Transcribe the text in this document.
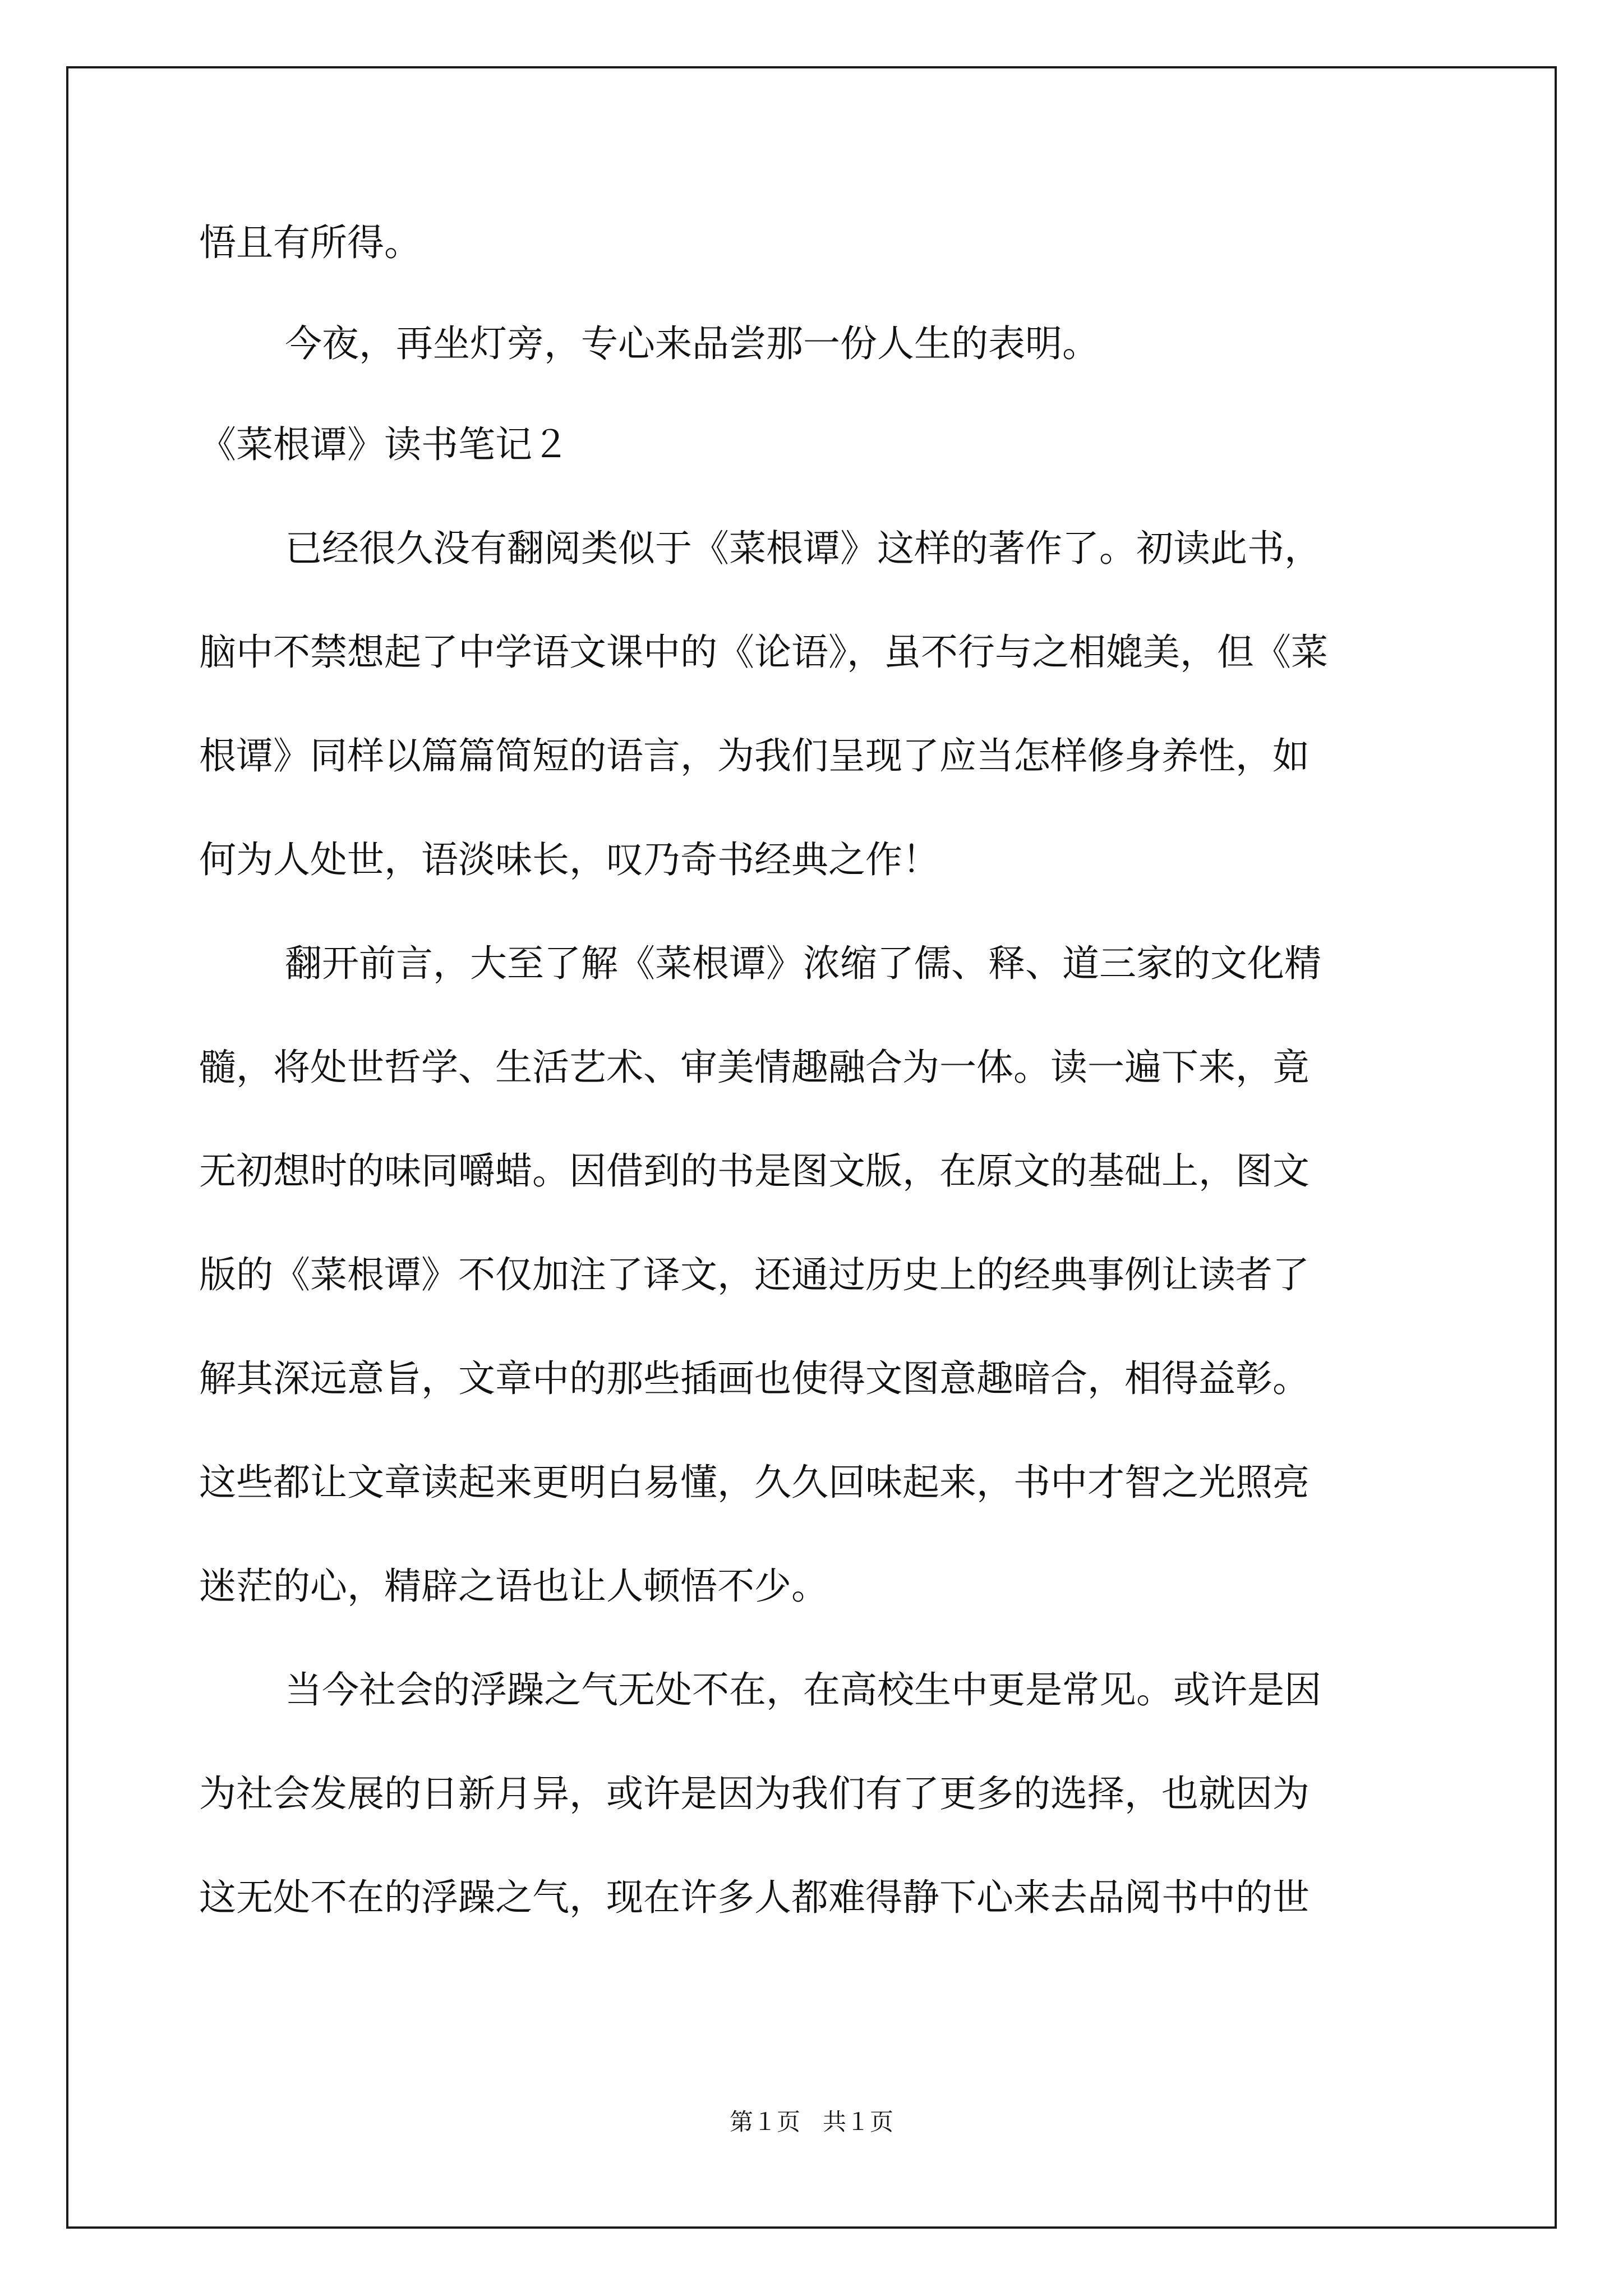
悟且有所得。
今夜，再坐灯旁，专心来品尝那一份人生的表明。
《菜根谭》读书笔记２
已经很久没有翻阅类似于《菜根谭》这样的著作了。初读此书，
脑中不禁想起了中学语文课中的《论语》，虽不行与之相媲美，但《菜
根谭》同样以篇篇简短的语言，为我们呈现了应当怎样修身养性，如
何为人处世，语淡味长，叹乃奇书经典之作！
翻开前言，大至了解《菜根谭》浓缩了儒、释、道三家的文化精
髓，将处世哲学、生活艺术、审美情趣融合为一体。读一遍下来，竟
无初想时的味同嚼蜡。因借到的书是图文版，在原文的基础上，图文
版的《菜根谭》不仅加注了译文，还通过历史上的经典事例让读者了
解其深远意旨，文章中的那些插画也使得文图意趣暗合，相得益彰。
这些都让文章读起来更明白易懂，久久回味起来，书中才智之光照亮
迷茫的心，精辟之语也让人顿悟不少。
当今社会的浮躁之气无处不在，在高校生中更是常见。或许是因
为社会发展的日新月异，或许是因为我们有了更多的选择，也就因为
这无处不在的浮躁之气，现在许多人都难得静下心来去品阅书中的世
第１页   共１页
